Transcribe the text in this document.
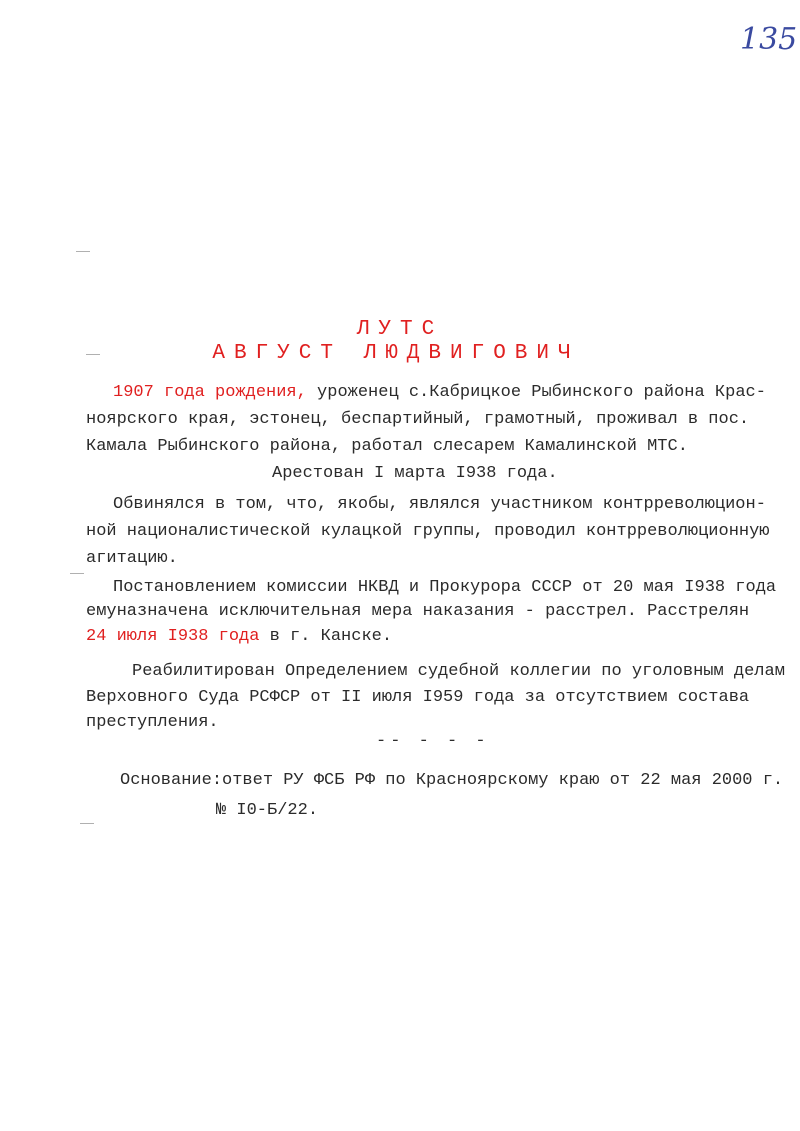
135
ЛУТС
АВГУСТ ЛЮДВИГОВИЧ
1907 года рождения, уроженец с.Кабрицкое Рыбинского района Крас-
ноярского края, эстонец, беспартийный, грамотный, проживал в пос.
Камала Рыбинского района, работал слесарем Камалинской МТС.
Арестован I марта I938 года.
Обвинялся в том, что, якобы, являлся участником контрреволюцион-
ной националистической кулацкой группы, проводил контрреволюционную
агитацию.
Постановлением комиссии НКВД и Прокурора СССР от 20 мая I938 года
емуназначена исключительная мера наказания - расстрел. Расстрелян
24 июля I938 года в г. Канске.
Реабилитирован Определением судебной коллегии по уголовным делам
Верховного Суда РСФСР от II июля I959 года за отсутствием состава
преступления.
-- - - -
Основание:ответ РУ ФСБ РФ по Красноярскому краю от 22 мая 2000 г.
№ I0-Б/22.
